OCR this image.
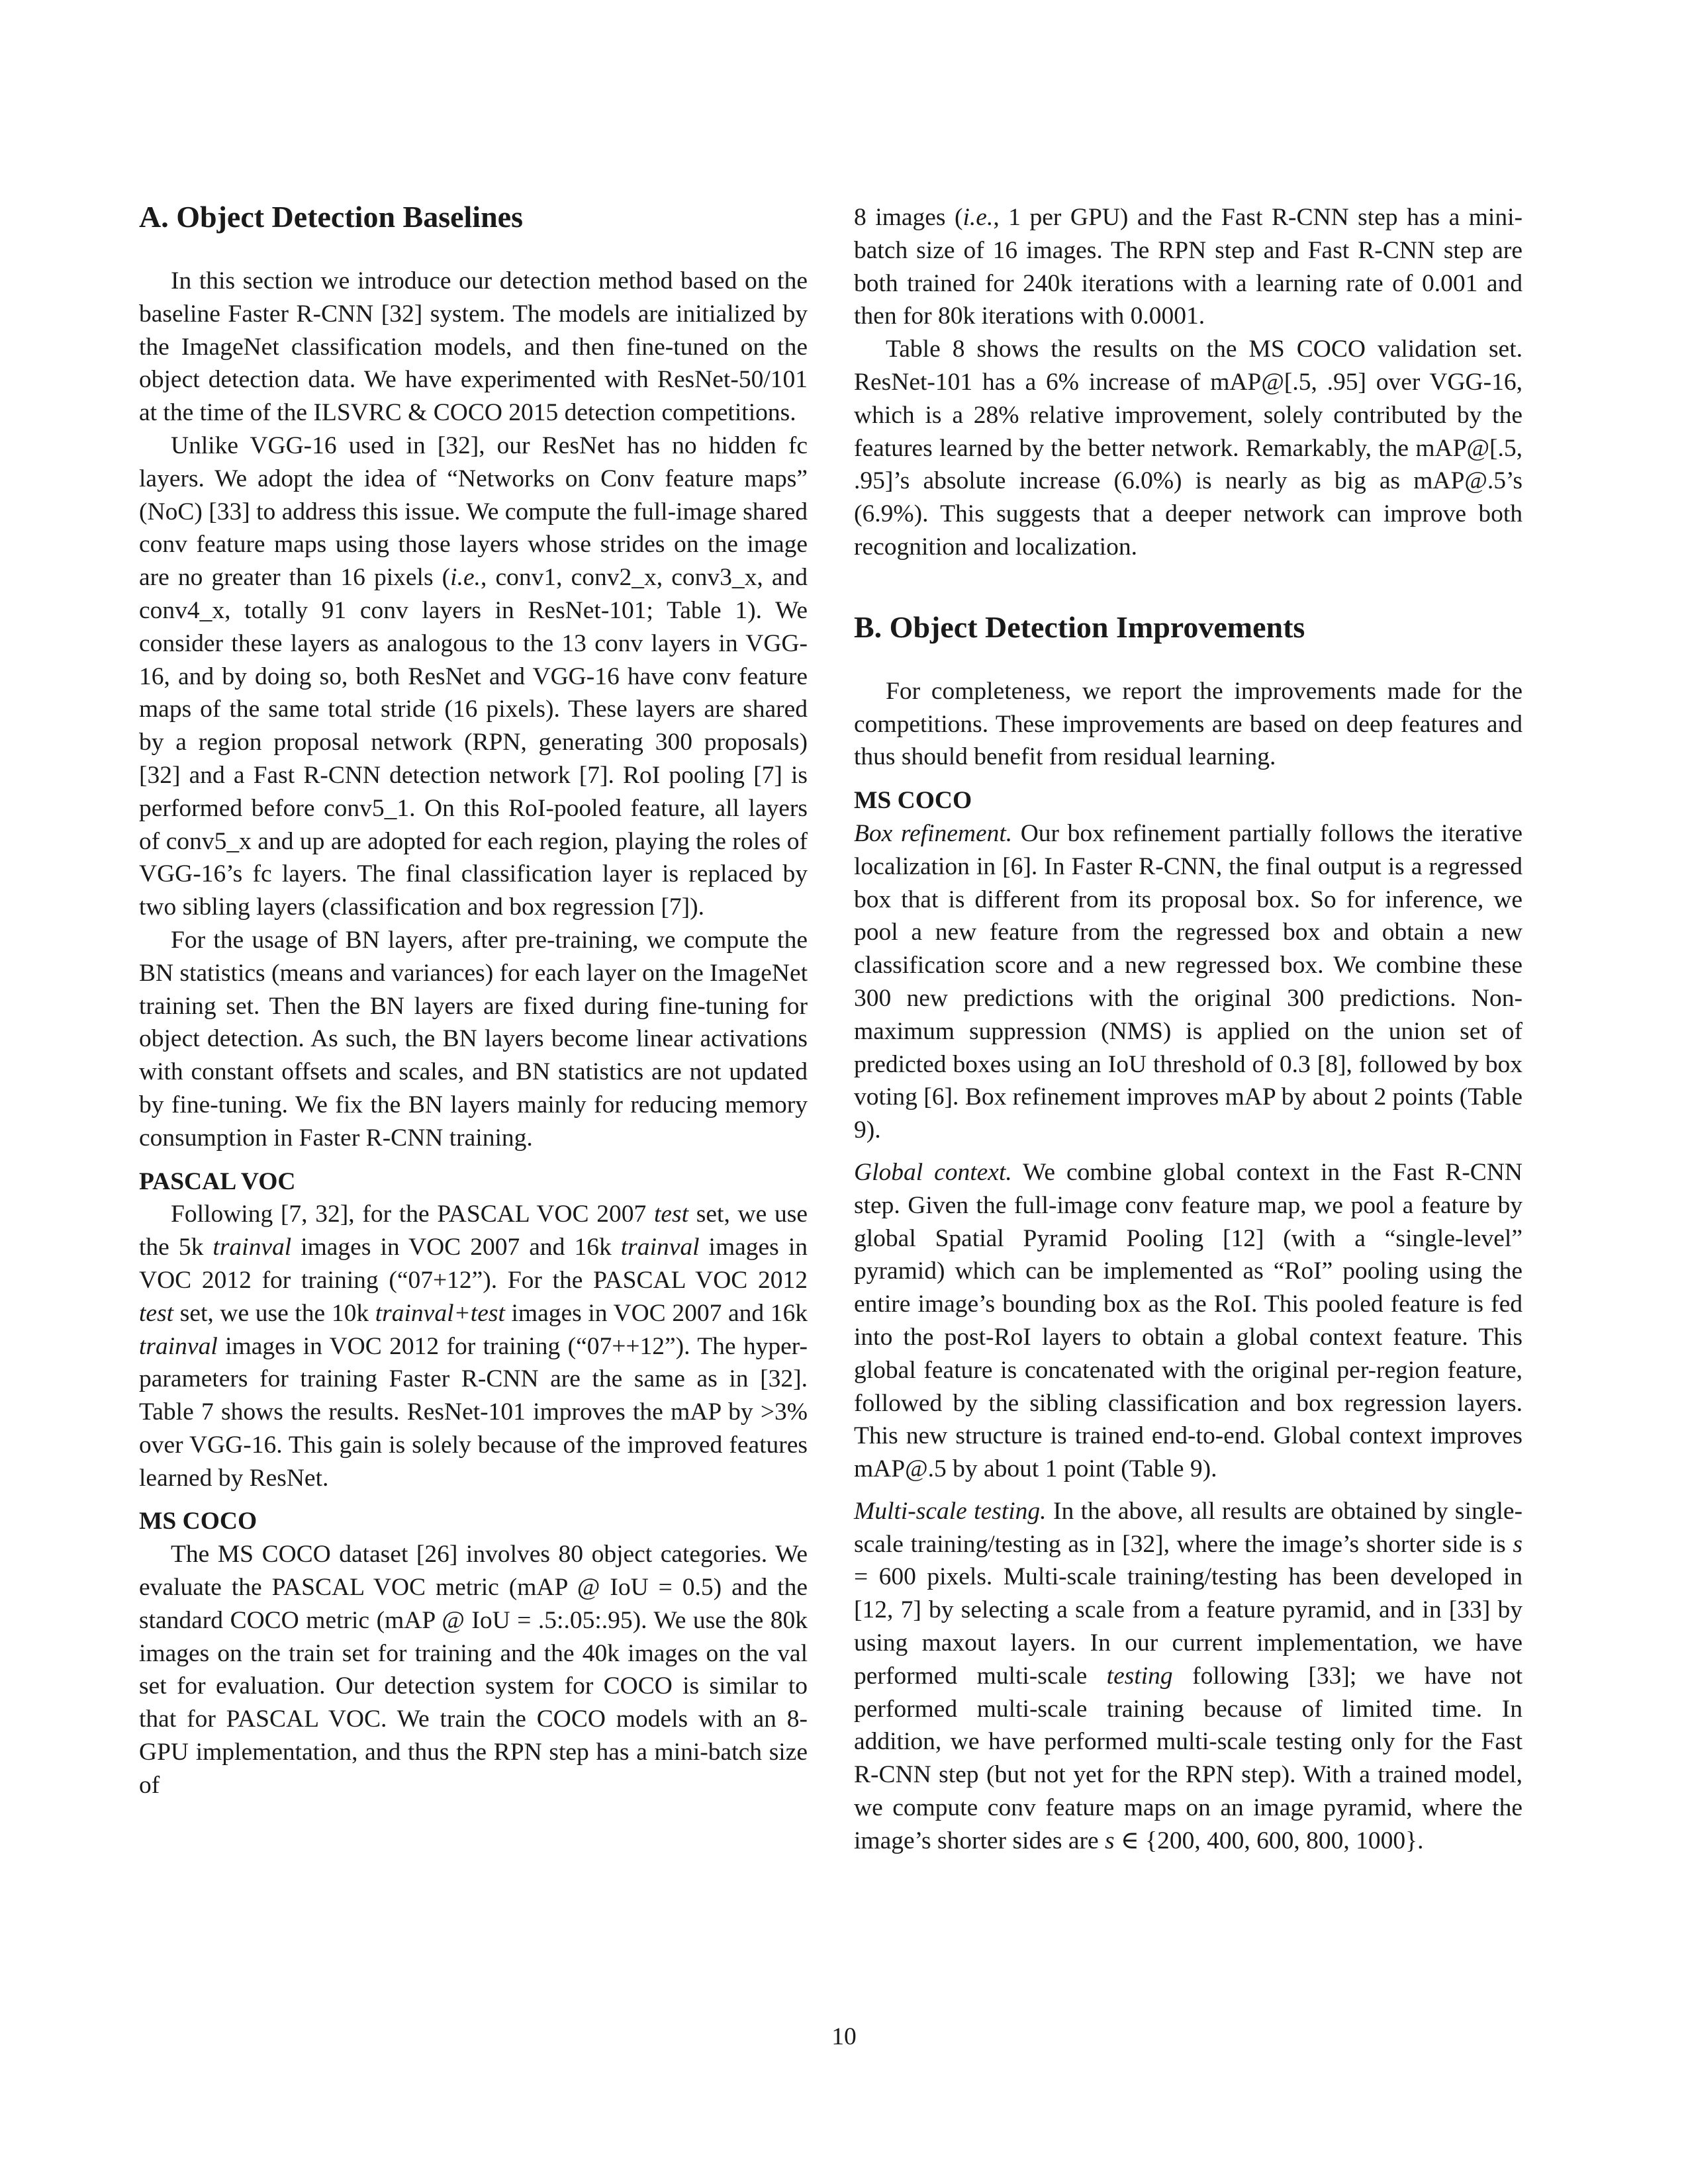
A. Object Detection Baselines

In this section we introduce our detection method based on the baseline Faster R-CNN [32] system. The models are initialized by the ImageNet classification models, and then fine-tuned on the object detection data. We have experimented with ResNet-50/101 at the time of the ILSVRC & COCO 2015 detection competitions.

Unlike VGG-16 used in [32], our ResNet has no hidden fc layers. We adopt the idea of “Networks on Conv feature maps” (NoC) [33] to address this issue. We compute the full-image shared conv feature maps using those layers whose strides on the image are no greater than 16 pixels (i.e., conv1, conv2_x, conv3_x, and conv4_x, totally 91 conv layers in ResNet-101; Table 1). We consider these layers as analogous to the 13 conv layers in VGG-16, and by doing so, both ResNet and VGG-16 have conv feature maps of the same total stride (16 pixels). These layers are shared by a region proposal network (RPN, generating 300 proposals) [32] and a Fast R-CNN detection network [7]. RoI pooling [7] is performed before conv5_1. On this RoI-pooled feature, all layers of conv5_x and up are adopted for each region, playing the roles of VGG-16’s fc layers. The final classification layer is replaced by two sibling layers (classification and box regression [7]).

For the usage of BN layers, after pre-training, we compute the BN statistics (means and variances) for each layer on the ImageNet training set. Then the BN layers are fixed during fine-tuning for object detection. As such, the BN layers become linear activations with constant offsets and scales, and BN statistics are not updated by fine-tuning. We fix the BN layers mainly for reducing memory consumption in Faster R-CNN training.

PASCAL VOC

Following [7, 32], for the PASCAL VOC 2007 test set, we use the 5k trainval images in VOC 2007 and 16k trainval images in VOC 2012 for training (“07+12”). For the PASCAL VOC 2012 test set, we use the 10k trainval+test images in VOC 2007 and 16k trainval images in VOC 2012 for training (“07++12”). The hyper-parameters for training Faster R-CNN are the same as in [32]. Table 7 shows the results. ResNet-101 improves the mAP by >3% over VGG-16. This gain is solely because of the improved features learned by ResNet.

MS COCO

The MS COCO dataset [26] involves 80 object categories. We evaluate the PASCAL VOC metric (mAP @ IoU = 0.5) and the standard COCO metric (mAP @ IoU = .5:.05:.95). We use the 80k images on the train set for training and the 40k images on the val set for evaluation. Our detection system for COCO is similar to that for PASCAL VOC. We train the COCO models with an 8-GPU implementation, and thus the RPN step has a mini-batch size of

8 images (i.e., 1 per GPU) and the Fast R-CNN step has a mini-batch size of 16 images. The RPN step and Fast R-CNN step are both trained for 240k iterations with a learning rate of 0.001 and then for 80k iterations with 0.0001.

Table 8 shows the results on the MS COCO validation set. ResNet-101 has a 6% increase of mAP@[.5, .95] over VGG-16, which is a 28% relative improvement, solely contributed by the features learned by the better network. Remarkably, the mAP@[.5, .95]’s absolute increase (6.0%) is nearly as big as mAP@.5’s (6.9%). This suggests that a deeper network can improve both recognition and localization.

B. Object Detection Improvements

For completeness, we report the improvements made for the competitions. These improvements are based on deep features and thus should benefit from residual learning.

MS COCO

Box refinement. Our box refinement partially follows the iterative localization in [6]. In Faster R-CNN, the final output is a regressed box that is different from its proposal box. So for inference, we pool a new feature from the regressed box and obtain a new classification score and a new regressed box. We combine these 300 new predictions with the original 300 predictions. Non-maximum suppression (NMS) is applied on the union set of predicted boxes using an IoU threshold of 0.3 [8], followed by box voting [6]. Box refinement improves mAP by about 2 points (Table 9).

Global context. We combine global context in the Fast R-CNN step. Given the full-image conv feature map, we pool a feature by global Spatial Pyramid Pooling [12] (with a “single-level” pyramid) which can be implemented as “RoI” pooling using the entire image’s bounding box as the RoI. This pooled feature is fed into the post-RoI layers to obtain a global context feature. This global feature is concatenated with the original per-region feature, followed by the sibling classification and box regression layers. This new structure is trained end-to-end. Global context improves mAP@.5 by about 1 point (Table 9).

Multi-scale testing. In the above, all results are obtained by single-scale training/testing as in [32], where the image’s shorter side is s = 600 pixels. Multi-scale training/testing has been developed in [12, 7] by selecting a scale from a feature pyramid, and in [33] by using maxout layers. In our current implementation, we have performed multi-scale testing following [33]; we have not performed multi-scale training because of limited time. In addition, we have performed multi-scale testing only for the Fast R-CNN step (but not yet for the RPN step). With a trained model, we compute conv feature maps on an image pyramid, where the image’s shorter sides are s ∈ {200, 400, 600, 800, 1000}.

10
